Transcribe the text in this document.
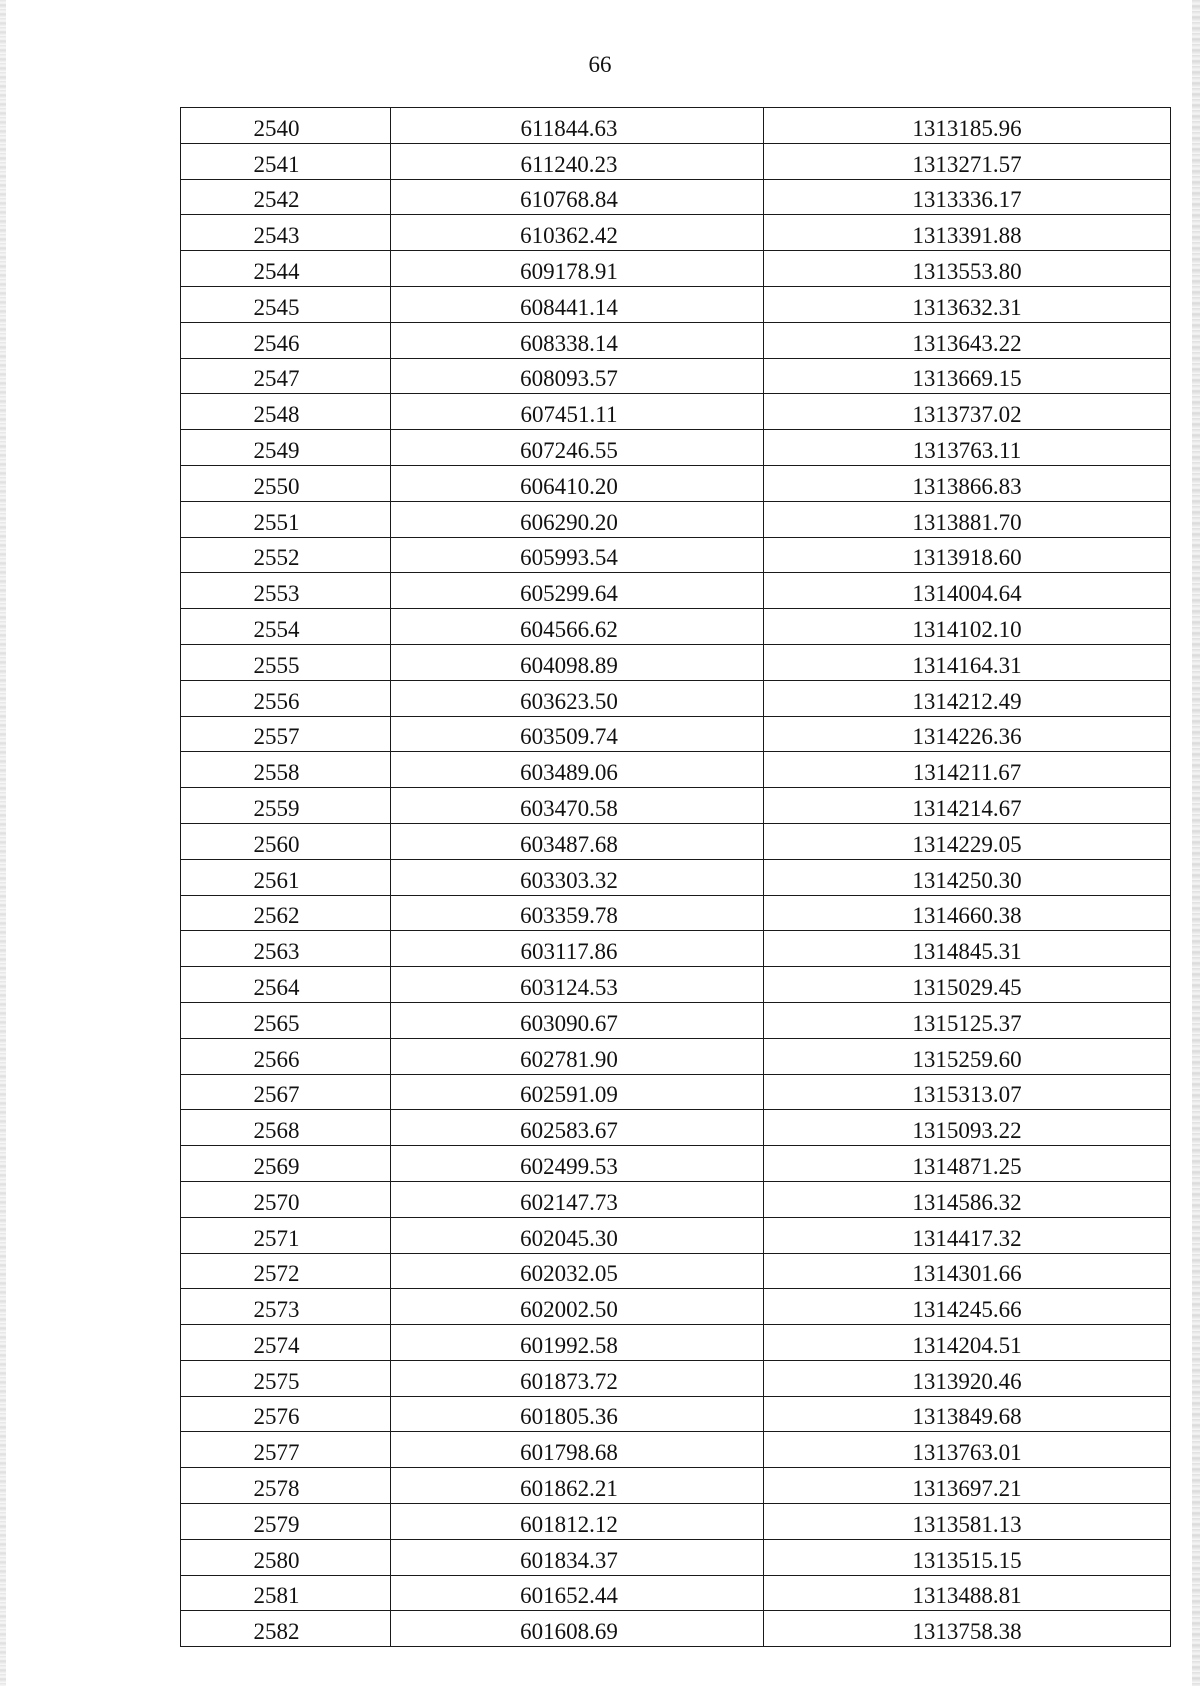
66
2540	611844.63	1313185.96
2541	611240.23	1313271.57
2542	610768.84	1313336.17
2543	610362.42	1313391.88
2544	609178.91	1313553.80
2545	608441.14	1313632.31
2546	608338.14	1313643.22
2547	608093.57	1313669.15
2548	607451.11	1313737.02
2549	607246.55	1313763.11
2550	606410.20	1313866.83
2551	606290.20	1313881.70
2552	605993.54	1313918.60
2553	605299.64	1314004.64
2554	604566.62	1314102.10
2555	604098.89	1314164.31
2556	603623.50	1314212.49
2557	603509.74	1314226.36
2558	603489.06	1314211.67
2559	603470.58	1314214.67
2560	603487.68	1314229.05
2561	603303.32	1314250.30
2562	603359.78	1314660.38
2563	603117.86	1314845.31
2564	603124.53	1315029.45
2565	603090.67	1315125.37
2566	602781.90	1315259.60
2567	602591.09	1315313.07
2568	602583.67	1315093.22
2569	602499.53	1314871.25
2570	602147.73	1314586.32
2571	602045.30	1314417.32
2572	602032.05	1314301.66
2573	602002.50	1314245.66
2574	601992.58	1314204.51
2575	601873.72	1313920.46
2576	601805.36	1313849.68
2577	601798.68	1313763.01
2578	601862.21	1313697.21
2579	601812.12	1313581.13
2580	601834.37	1313515.15
2581	601652.44	1313488.81
2582	601608.69	1313758.38
